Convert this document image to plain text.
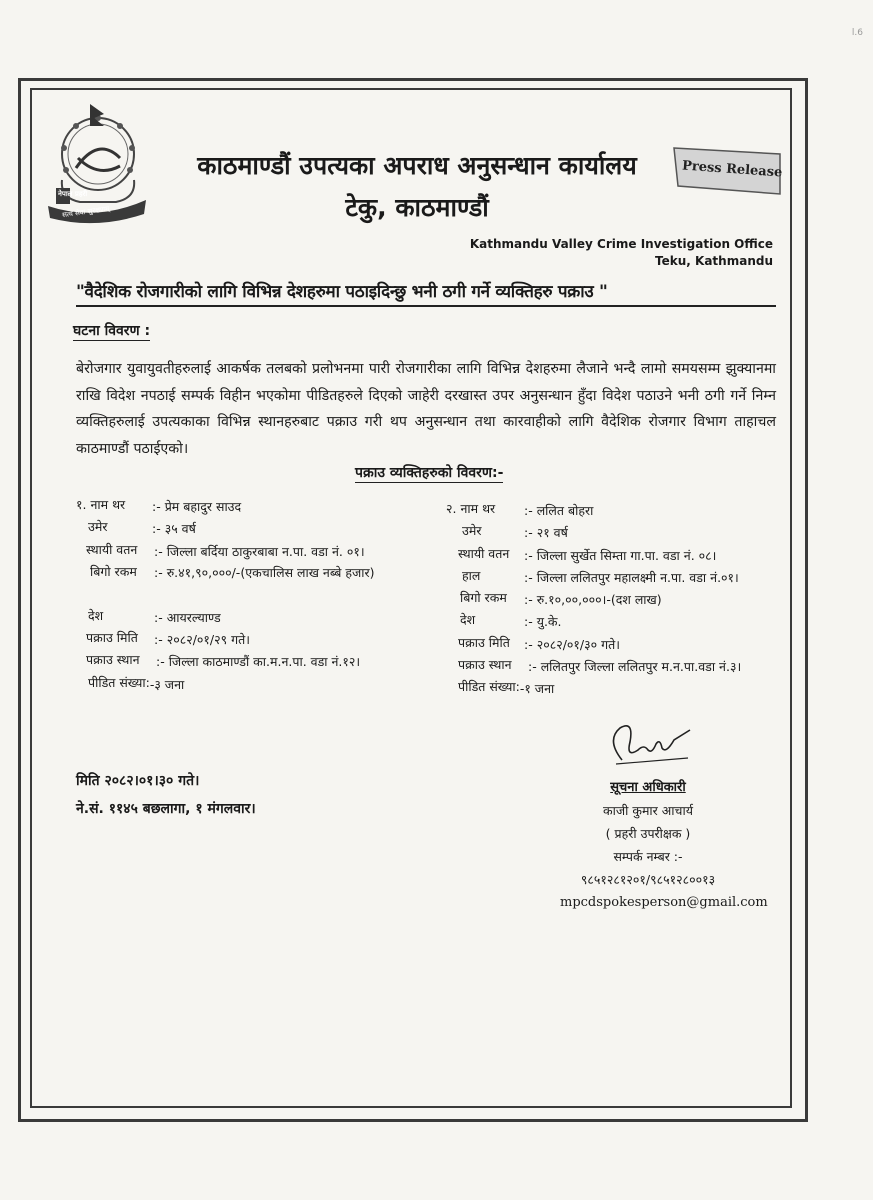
l.6
नेपाल प्रहरी
सत्य सेवा सुरक्षणम्
काठमाण्डौं उपत्यका अपराध अनुसन्धान कार्यालय
टेकु, काठमाण्डौं
Press Release
Kathmandu Valley Crime Investigation Office
Teku, Kathmandu
"वैदेशिक रोजगारीको लागि विभिन्न देशहरुमा पठाइदिन्छु भनी ठगी गर्ने व्यक्तिहरु पक्राउ "
घटना विवरण :

बेरोजगार युवायुवतीहरुलाई आकर्षक तलबको प्रलोभनमा पारी रोजगारीका लागि विभिन्न देशहरुमा लैजाने भन्दै लामो समयसम्म झुक्यानमा राखि विदेश नपठाई सम्पर्क विहीन भएकोमा पीडितहरुले दिएको जाहेरी दरखास्त उपर अनुसन्धान हुँदा विदेश पठाउने भनी ठगी गर्ने निम्न व्यक्तिहरुलाई उपत्यकाका विभिन्न स्थानहरुबाट पक्राउ गरी थप अनुसन्धान तथा कारवाहीको लागि वैदेशिक रोजगार विभाग ताहाचल काठमाण्डौं पठाईएको।

पक्राउ व्यक्तिहरुको विवरण:-
१. नाम थर	:- प्रेम बहादुर साउद
उमेर	:- ३५ वर्ष
स्थायी वतन	:- जिल्ला बर्दिया ठाकुरबाबा न.पा. वडा नं. ०१।
बिगो रकम	:- रु.४१,९०,०००/-(एकचालिस लाख नब्बे हजार)
देश	:- आयरल्याण्ड
पक्राउ मिति	:- २०८२/०१/२९ गते।
पक्राउ स्थान	:- जिल्ला काठमाण्डौं का.म.न.पा. वडा नं.१२।
पीडित संख्या: -३ जना
२. नाम थर	:- ललित बोहरा
उमेर	:- २१ वर्ष
स्थायी वतन	:- जिल्ला सुर्खेत सिम्ता गा.पा. वडा नं. ०८।
हाल	:- जिल्ला ललितपुर महालक्ष्मी न.पा. वडा नं.०१।
बिगो रकम	:- रु.१०,००,०००।-(दश लाख)
देश	:- यु.के.
पक्राउ मिति	:- २०८२/०१/३० गते।
पक्राउ स्थान	:- ललितपुर जिल्ला ललितपुर म.न.पा.वडा नं.३।
पीडित संख्या: -१ जना
मिति २०८२।०१।३० गते।
ने.सं. ११४५ बछलागा, १ मंगलवार।
सूचना अधिकारी
काजी कुमार आचार्य
( प्रहरी उपरीक्षक )
सम्पर्क नम्बर :-
९८५१२८१२०१/९८५१२८००१३
mpcdspokesperson@gmail.com
